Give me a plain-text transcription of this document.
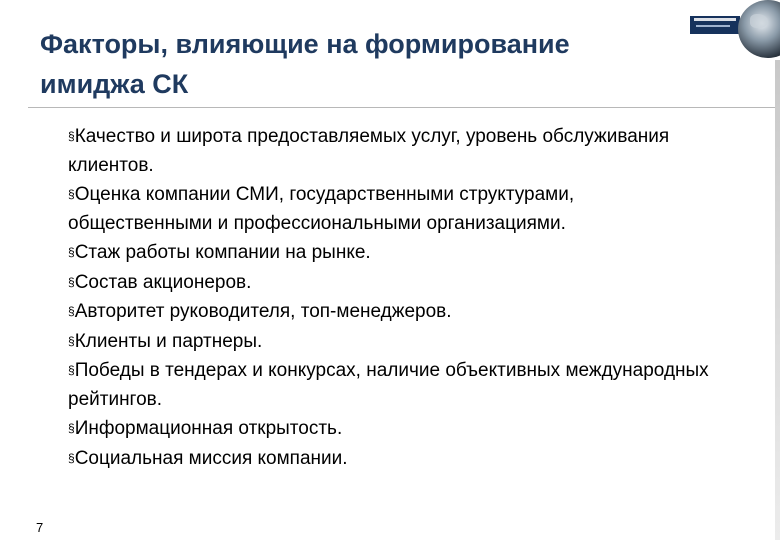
Факторы, влияющие на формирование имиджа СК
§Качество и широта предоставляемых услуг, уровень обслуживания клиентов.
§Оценка компании СМИ, государственными структурами, общественными и профессиональными организациями.
§Стаж работы компании на рынке.
§Состав акционеров.
§Авторитет руководителя, топ-менеджеров.
§Клиенты и партнеры.
§Победы в тендерах и конкурсах, наличие объективных международных рейтингов.
§Информационная открытость.
§Социальная миссия компании.
7
